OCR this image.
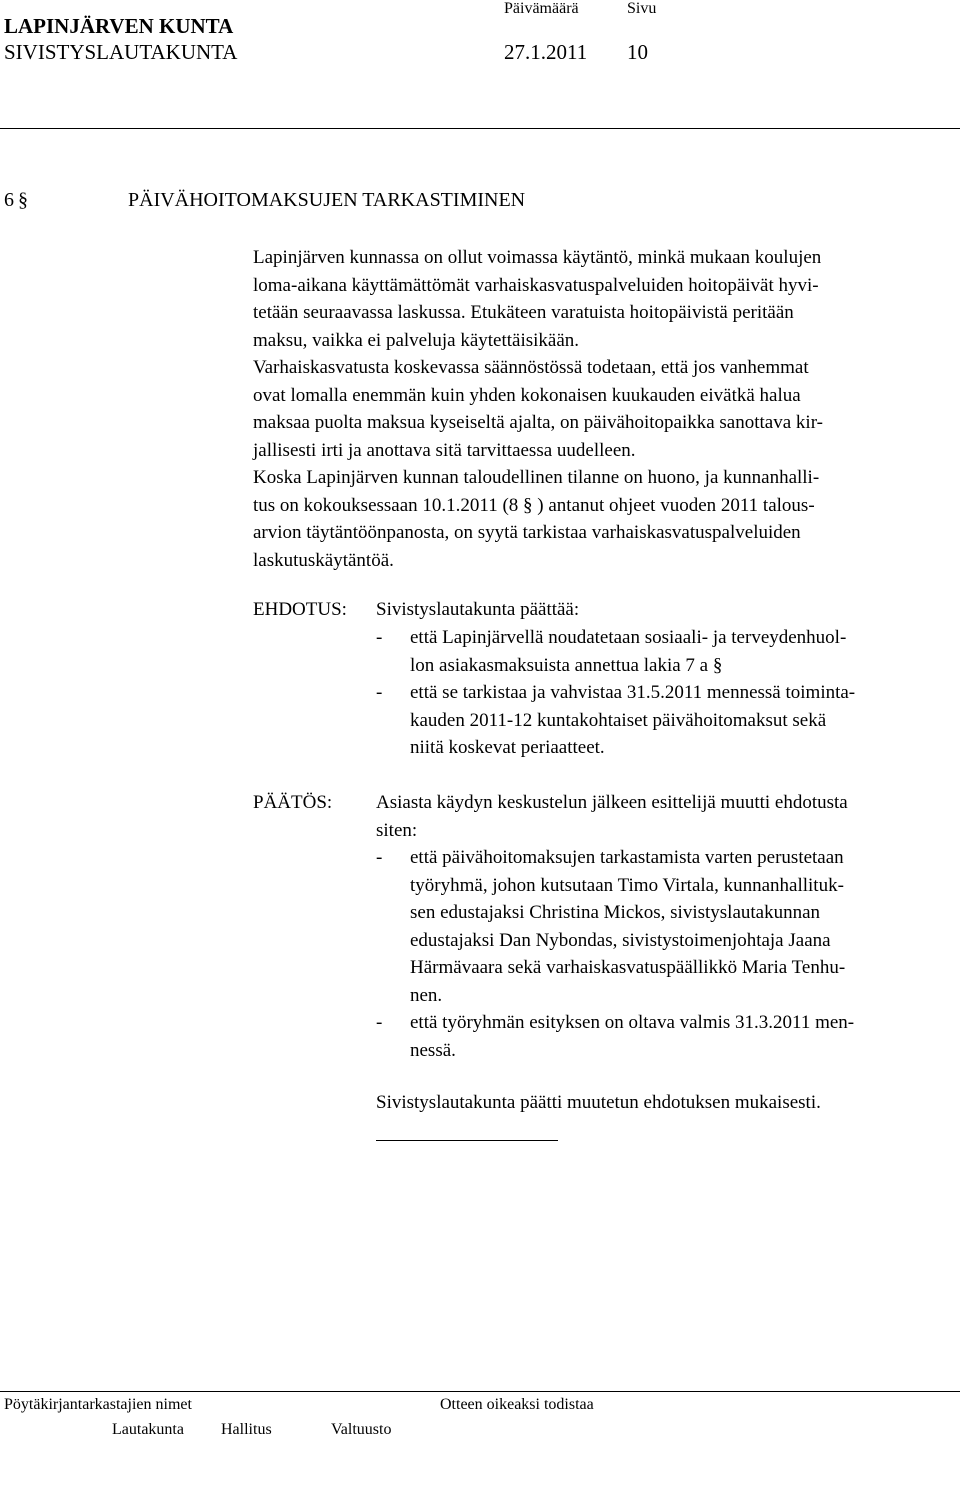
LAPINJÄRVEN KUNTA
SIVISTYSLAUTAKUNTA
Päivämäärä	Sivu
27.1.2011 10
6 §	PÄIVÄHOITOMAKSUJEN TARKASTIMINEN

Lapinjärven kunnassa on ollut voimassa käytäntö, minkä mukaan koulujen

loma-aikana käyttämättömät varhaiskasvatuspalveluiden hoitopäivät hyvi-

tetään seuraavassa laskussa. Etukäteen varatuista hoitopäivistä peritään

maksu, vaikka ei palveluja käytettäisikään.

Varhaiskasvatusta koskevassa säännöstössä todetaan, että jos vanhemmat

ovat lomalla enemmän kuin yhden kokonaisen kuukauden eivätkä halua

maksaa puolta maksua kyseiseltä ajalta, on päivähoitopaikka sanottava kir-

jallisesti irti ja anottava sitä tarvittaessa uudelleen.

Koska Lapinjärven kunnan taloudellinen tilanne on huono, ja kunnanhalli-

tus on kokouksessaan 10.1.2011 (8 § ) antanut ohjeet vuoden 2011 talous-

arvion täytäntöönpanosta, on syytä tarkistaa varhaiskasvatuspalveluiden

laskutuskäytäntöä.

EHDOTUS: Sivistyslautakunta päättää:
- että Lapinjärvellä noudatetaan sosiaali- ja terveydenhuol-
lon asiakasmaksuista annettua lakia 7 a §
- että se tarkistaa ja vahvistaa 31.5.2011 mennessä toiminta-
kauden 2011-12 kuntakohtaiset päivähoitomaksut sekä
niitä koskevat periaatteet.
PÄÄTÖS: Asiasta käydyn keskustelun jälkeen esittelijä muutti ehdotusta
siten:
- että päivähoitomaksujen tarkastamista varten perustetaan
työryhmä, johon kutsutaan Timo Virtala, kunnanhallituk-
sen edustajaksi Christina Mickos, sivistyslautakunnan
edustajaksi Dan Nybondas, sivistystoimenjohtaja Jaana
Härmävaara sekä varhaiskasvatuspäällikkö Maria Tenhu-
nen.
- että työryhmän esityksen on oltava valmis 31.3.2011 men-
nessä.
Sivistyslautakunta päätti muutetun ehdotuksen mukaisesti.
Pöytäkirjantarkastajien nimet	Otteen oikeaksi todistaa
Lautakunta Hallitus	Valtuusto
